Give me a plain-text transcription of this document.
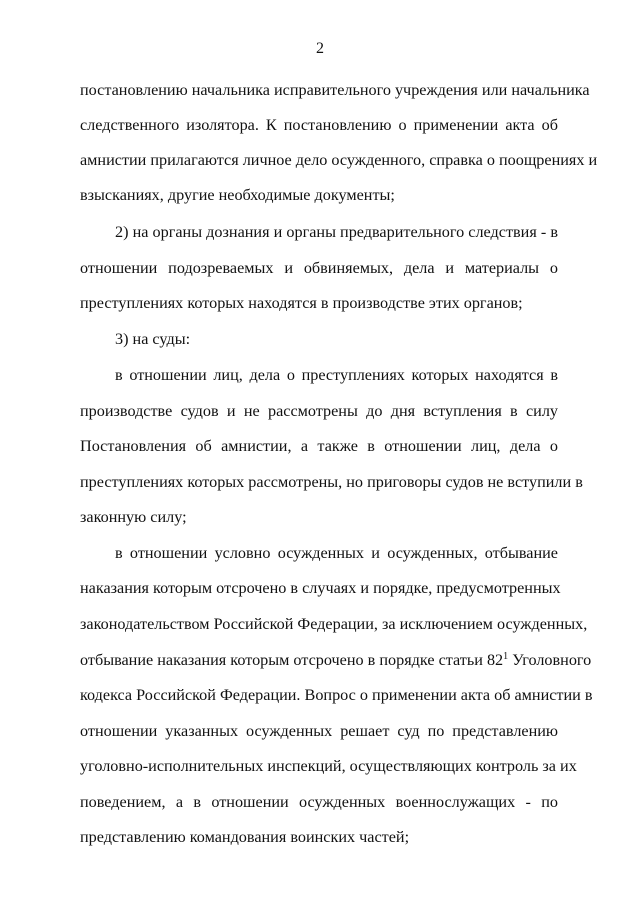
2
постановлению начальника исправительного учреждения или начальника
следственного изолятора. К постановлению о применении акта об
амнистии прилагаются личное дело осужденного, справка о поощрениях и
взысканиях, другие необходимые документы;
2) на органы дознания и органы предварительного следствия - в
отношении подозреваемых и обвиняемых, дела и материалы о
преступлениях которых находятся в производстве этих органов;
3) на суды:
в отношении лиц, дела о преступлениях которых находятся в
производстве судов и не рассмотрены до дня вступления в силу
Постановления об амнистии, а также в отношении лиц, дела о
преступлениях которых рассмотрены, но приговоры судов не вступили в
законную силу;
в отношении условно осужденных и осужденных, отбывание
наказания которым отсрочено в случаях и порядке, предусмотренных
законодательством Российской Федерации, за исключением осужденных,
отбывание наказания которым отсрочено в порядке статьи $82^1$ Уголовного
кодекса Российской Федерации. Вопрос о применении акта об амнистии в
отношении указанных осужденных решает суд по представлению
уголовно-исполнительных инспекций, осуществляющих контроль за их
поведением, а в отношении осужденных военнослужащих - по
представлению командования воинских частей;
